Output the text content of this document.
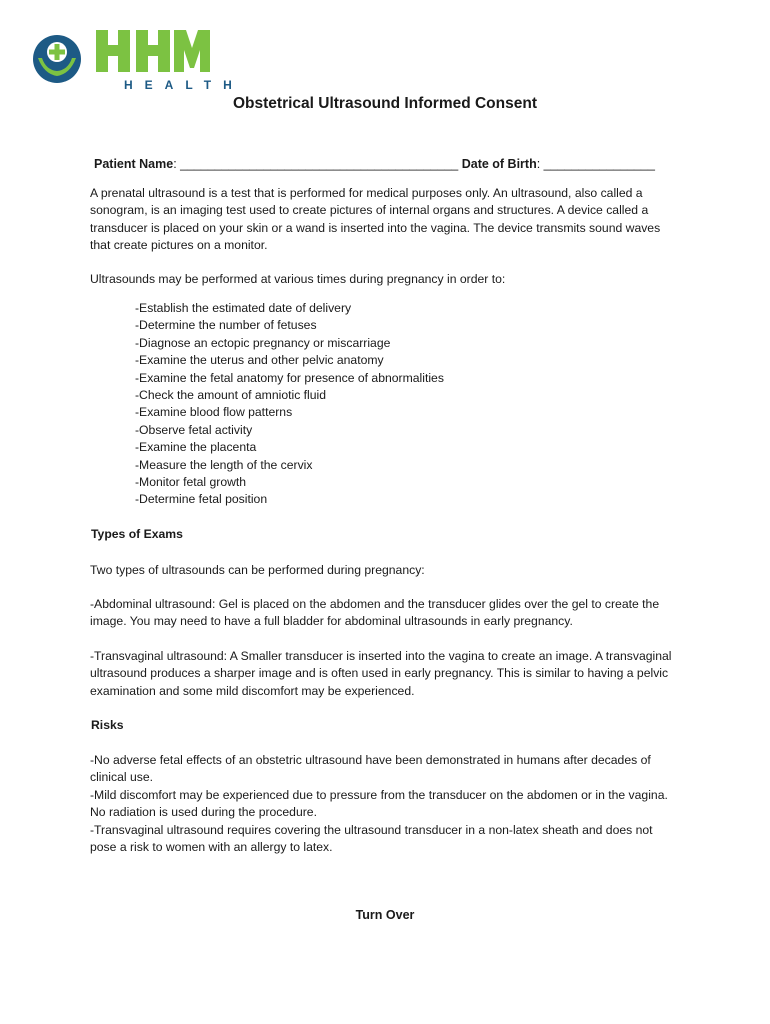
HEALTH
Obstetrical Ultrasound Informed Consent
Patient Name: ________________________________________ Date of Birth: ________________
A prenatal ultrasound is a test that is performed for medical purposes only. An ultrasound, also called a sonogram, is an imaging test used to create pictures of internal organs and structures. A device called a transducer is placed on your skin or a wand is inserted into the vagina. The device transmits sound waves that create pictures on a monitor.
Ultrasounds may be performed at various times during pregnancy in order to:
-Establish the estimated date of delivery
-Determine the number of fetuses
-Diagnose an ectopic pregnancy or miscarriage
-Examine the uterus and other pelvic anatomy
-Examine the fetal anatomy for presence of abnormalities
-Check the amount of amniotic fluid
-Examine blood flow patterns
-Observe fetal activity
-Examine the placenta
-Measure the length of the cervix
-Monitor fetal growth
-Determine fetal position
Types of Exams
Two types of ultrasounds can be performed during pregnancy:
-Abdominal ultrasound: Gel is placed on the abdomen and the transducer glides over the gel to create the image. You may need to have a full bladder for abdominal ultrasounds in early pregnancy.
-Transvaginal ultrasound: A Smaller transducer is inserted into the vagina to create an image. A transvaginal ultrasound produces a sharper image and is often used in early pregnancy. This is similar to having a pelvic examination and some mild discomfort may be experienced.
Risks
-No adverse fetal effects of an obstetric ultrasound have been demonstrated in humans after decades of clinical use.
-Mild discomfort may be experienced due to pressure from the transducer on the abdomen or in the vagina. No radiation is used during the procedure.
-Transvaginal ultrasound requires covering the ultrasound transducer in a non-latex sheath and does not pose a risk to women with an allergy to latex.
Turn Over
